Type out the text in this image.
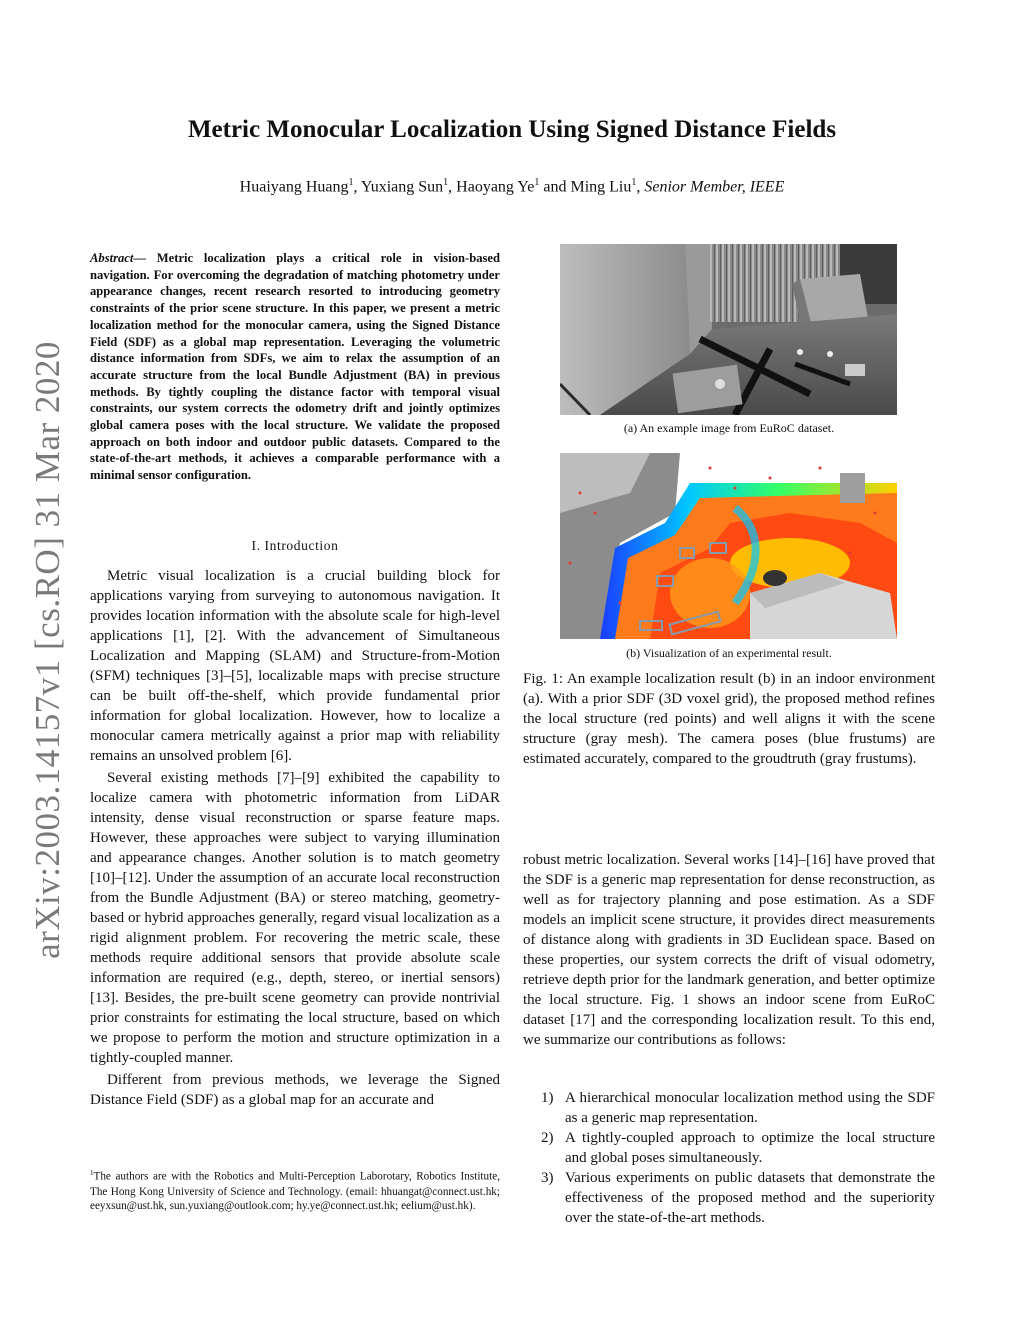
arXiv:2003.14157v1 [cs.RO] 31 Mar 2020
Metric Monocular Localization Using Signed Distance Fields
Huaiyang Huang$^1$, Yuxiang Sun$^1$, Haoyang Ye$^1$ and Ming Liu$^1$, Senior Member, IEEE
Abstract— Metric localization plays a critical role in vision-based navigation. For overcoming the degradation of matching photometry under appearance changes, recent research resorted to introducing geometry constraints of the prior scene structure. In this paper, we present a metric localization method for the monocular camera, using the Signed Distance Field (SDF) as a global map representation. Leveraging the volumetric distance information from SDFs, we aim to relax the assumption of an accurate structure from the local Bundle Adjustment (BA) in previous methods. By tightly coupling the distance factor with temporal visual constraints, our system corrects the odometry drift and jointly optimizes global camera poses with the local structure. We validate the proposed approach on both indoor and outdoor public datasets. Compared to the state-of-the-art methods, it achieves a comparable performance with a minimal sensor configuration.
I. Introduction

Metric visual localization is a crucial building block for applications varying from surveying to autonomous navigation. It provides location information with the absolute scale for high-level applications [1], [2]. With the advancement of Simultaneous Localization and Mapping (SLAM) and Structure-from-Motion (SFM) techniques [3]–[5], localizable maps with precise structure can be built off-the-shelf, which provide fundamental prior information for global localization. However, how to localize a monocular camera metrically against a prior map with reliability remains an unsolved problem [6].

Several existing methods [7]–[9] exhibited the capability to localize camera with photometric information from LiDAR intensity, dense visual reconstruction or sparse feature maps. However, these approaches were subject to varying illumination and appearance changes. Another solution is to match geometry [10]–[12]. Under the assumption of an accurate local reconstruction from the Bundle Adjustment (BA) or stereo matching, geometry-based or hybrid approaches generally, regard visual localization as a rigid alignment problem. For recovering the metric scale, these methods require additional sensors that provide absolute scale information are required (e.g., depth, stereo, or inertial sensors) [13]. Besides, the pre-built scene geometry can provide nontrivial prior constraints for estimating the local structure, based on which we propose to perform the motion and structure optimization in a tightly-coupled manner.

Different from previous methods, we leverage the Signed Distance Field (SDF) as a global map for an accurate and

$^1$The authors are with the Robotics and Multi-Perception Laborotary, Robotics Institute, The Hong Kong University of Science and Technology. (email: hhuangat@connect.ust.hk; eeyxsun@ust.hk, sun.yuxiang@outlook.com; hy.ye@connect.ust.hk; eelium@ust.hk).
(a) An example image from EuRoC dataset.
(b) Visualization of an experimental result.
Fig. 1: An example localization result (b) in an indoor environment (a). With a prior SDF (3D voxel grid), the proposed method refines the local structure (red points) and well aligns it with the scene structure (gray mesh). The camera poses (blue frustums) are estimated accurately, compared to the groudtruth (gray frustums).

robust metric localization. Several works [14]–[16] have proved that the SDF is a generic map representation for dense reconstruction, as well as for trajectory planning and pose estimation. As a SDF models an implicit scene structure, it provides direct measurements of distance along with gradients in 3D Euclidean space. Based on these properties, our system corrects the drift of visual odometry, retrieve depth prior for the landmark generation, and better optimize the local structure. Fig. 1 shows an indoor scene from EuRoC dataset [17] and the corresponding localization result. To this end, we summarize our contributions as follows:

1) A hierarchical monocular localization method using the SDF as a generic map representation.
2) A tightly-coupled approach to optimize the local structure and global poses simultaneously.
3) Various experiments on public datasets that demonstrate the effectiveness of the proposed method and the superiority over the state-of-the-art methods.
